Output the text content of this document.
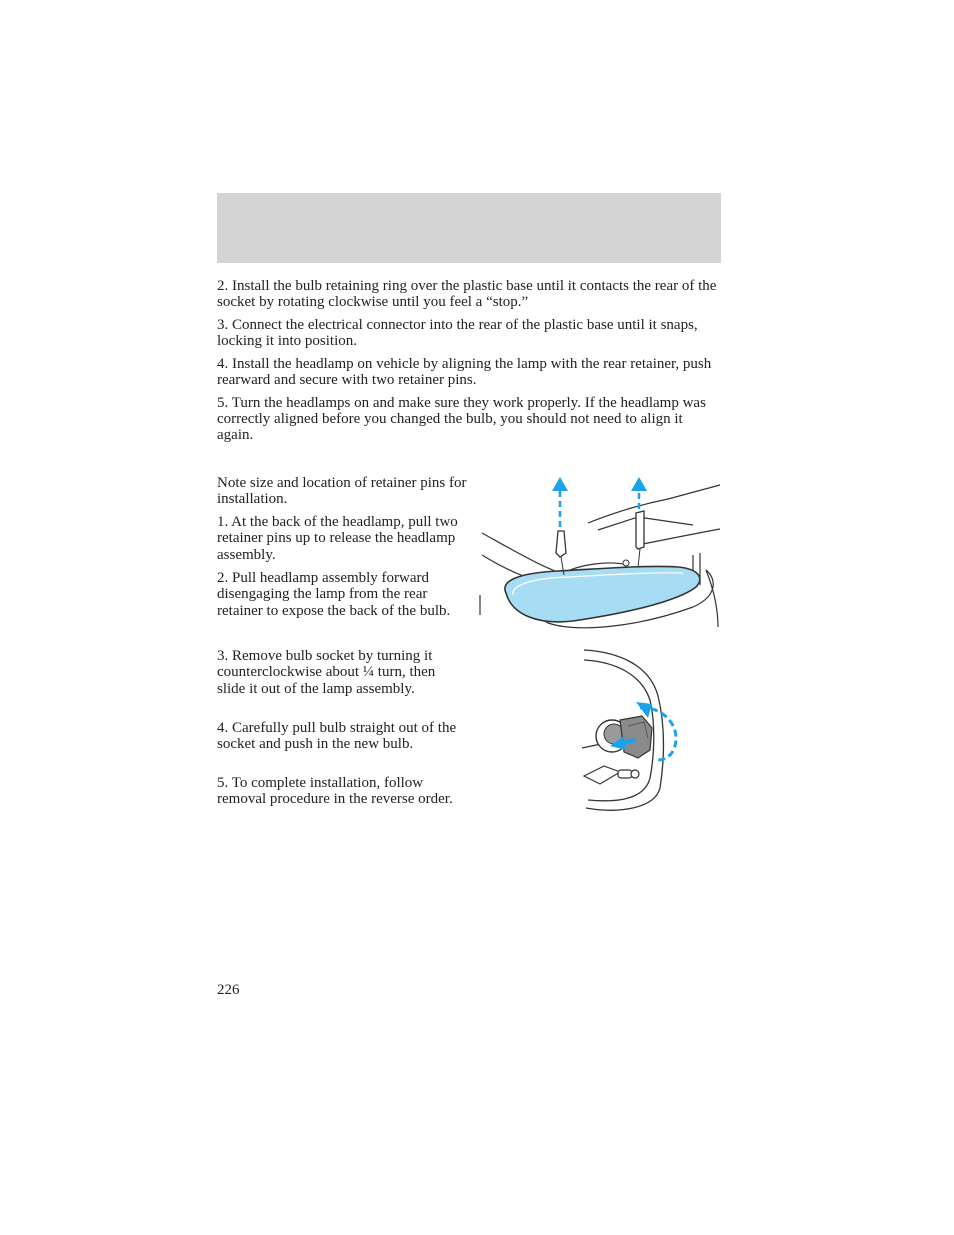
2. Install the bulb retaining ring over the plastic base until it contacts the rear of the socket by rotating clockwise until you feel a “stop.”

3. Connect the electrical connector into the rear of the plastic base until it snaps, locking it into position.

4. Install the headlamp on vehicle by aligning the lamp with the rear retainer, push rearward and secure with two retainer pins.

5. Turn the headlamps on and make sure they work properly. If the headlamp was correctly aligned before you changed the bulb, you should not need to align it again.

Note size and location of retainer pins for installation.

1. At the back of the headlamp, pull two retainer pins up to release the headlamp assembly.

2. Pull headlamp assembly forward disengaging the lamp from the rear retainer to expose the back of the bulb.

3. Remove bulb socket by turning it counterclockwise about ¼ turn, then slide it out of the lamp assembly.

4. Carefully pull bulb straight out of the socket and push in the new bulb.

5. To complete installation, follow removal procedure in the reverse order.

226
